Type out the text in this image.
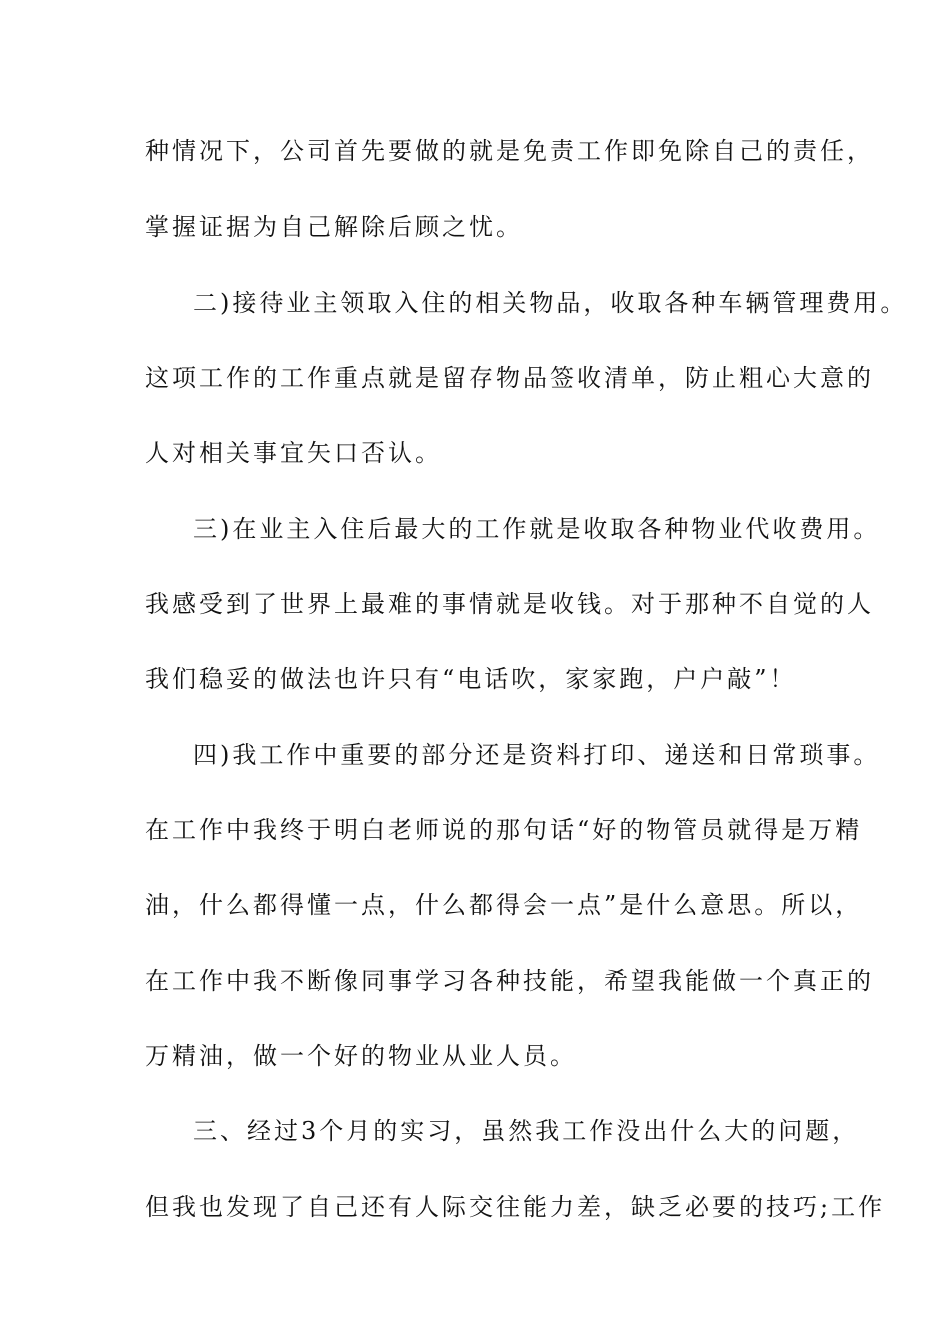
种情况下，公司首先要做的就是免责工作即免除自己的责任，
掌握证据为自己解除后顾之忧。
二)接待业主领取入住的相关物品，收取各种车辆管理费用。
这项工作的工作重点就是留存物品签收清单，防止粗心大意的
人对相关事宜矢口否认。
三)在业主入住后最大的工作就是收取各种物业代收费用。
我感受到了世界上最难的事情就是收钱。对于那种不自觉的人
我们稳妥的做法也许只有“电话吹，家家跑，户户敲”！
四)我工作中重要的部分还是资料打印、递送和日常琐事。
在工作中我终于明白老师说的那句话“好的物管员就得是万精
油，什么都得懂一点，什么都得会一点”是什么意思。所以，
在工作中我不断像同事学习各种技能，希望我能做一个真正的
万精油，做一个好的物业从业人员。
三、经过3个月的实习，虽然我工作没出什么大的问题，
但我也发现了自己还有人际交往能力差，缺乏必要的技巧;工作
